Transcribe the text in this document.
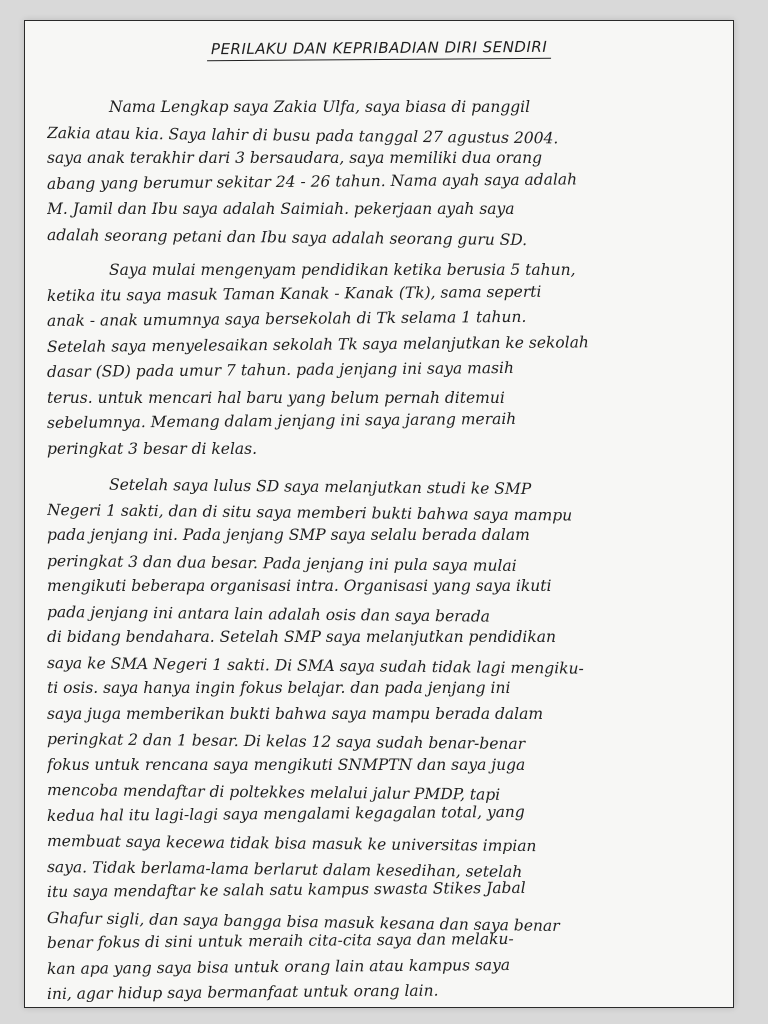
PERILAKU DAN KEPRIBADIAN DIRI SENDIRI
Nama Lengkap saya Zakia Ulfa, saya biasa di panggil
Zakia atau kia. Saya lahir di busu pada tanggal 27 agustus 2004.
saya anak terakhir dari 3 bersaudara, saya memiliki dua orang
abang yang berumur sekitar 24 - 26 tahun. Nama ayah saya adalah
M. Jamil dan Ibu saya adalah Saimiah. pekerjaan ayah saya
adalah seorang petani dan Ibu saya adalah seorang guru SD.
Saya mulai mengenyam pendidikan ketika berusia 5 tahun,
ketika itu saya masuk Taman Kanak - Kanak (Tk), sama seperti
anak - anak umumnya saya bersekolah di Tk selama 1 tahun.
Setelah saya menyelesaikan sekolah Tk saya melanjutkan ke sekolah
dasar (SD) pada umur 7 tahun. pada jenjang ini saya masih
terus. untuk mencari hal baru yang belum pernah ditemui
sebelumnya. Memang dalam jenjang ini saya jarang meraih
peringkat 3 besar di kelas.
Setelah saya lulus SD saya melanjutkan studi ke SMP
Negeri 1 sakti, dan di situ saya memberi bukti bahwa saya mampu
pada jenjang ini. Pada jenjang SMP saya selalu berada dalam
peringkat 3 dan dua besar. Pada jenjang ini pula saya mulai
mengikuti beberapa organisasi intra. Organisasi yang saya ikuti
pada jenjang ini antara lain adalah osis dan saya berada
di bidang bendahara. Setelah SMP saya melanjutkan pendidikan
saya ke SMA Negeri 1 sakti. Di SMA saya sudah tidak lagi mengiku-
ti osis. saya hanya ingin fokus belajar. dan pada jenjang ini
saya juga memberikan bukti bahwa saya mampu berada dalam
peringkat 2 dan 1 besar. Di kelas 12 saya sudah benar-benar
fokus untuk rencana saya mengikuti SNMPTN dan saya juga
mencoba mendaftar di poltekkes melalui jalur PMDP, tapi
kedua hal itu lagi-lagi saya mengalami kegagalan total, yang
membuat saya kecewa tidak bisa masuk ke universitas impian
saya. Tidak berlama-lama berlarut dalam kesedihan, setelah
itu saya mendaftar ke salah satu kampus swasta Stikes Jabal
Ghafur sigli, dan saya bangga bisa masuk kesana dan saya benar
benar fokus di sini untuk meraih cita-cita saya dan melaku-
kan apa yang saya bisa untuk orang lain atau kampus saya
ini, agar hidup saya bermanfaat untuk orang lain.
